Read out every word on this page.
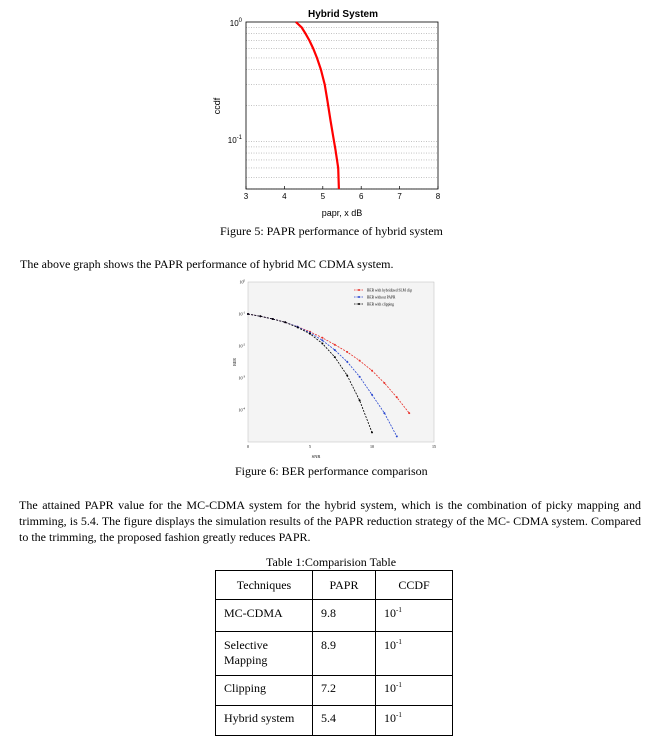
Hybrid System
3	4	5	6	7	8
$10^0$
$10^{-1}$
ccdf
papr, x dB
Figure 5: PAPR performance of hybrid system
The above graph shows the PAPR performance of hybrid MC CDMA system.
$10^0$
$10^{-1}$
$10^{-2}$
$10^{-3}$
$10^{-4}$
0	5	10	15
BER
SNR
BER with hybridized SLM clip
BER without PAPR
BER with clipping
Figure 6: BER performance comparison
The attained PAPR value for the MC-CDMA system for the hybrid system, which is the combination of picky mapping and trimming, is 5.4. The figure displays the simulation results of the PAPR reduction strategy of the MC- CDMA system. Compared to the trimming, the proposed fashion greatly reduces PAPR.
Table 1:Comparision Table
Techniques	PAPR	CCDF
MC-CDMA	9.8	$10^{-1}$
Selective Mapping	8.9	$10^{-1}$
Clipping	7.2	$10^{-1}$
Hybrid system	5.4	$10^{-1}$
